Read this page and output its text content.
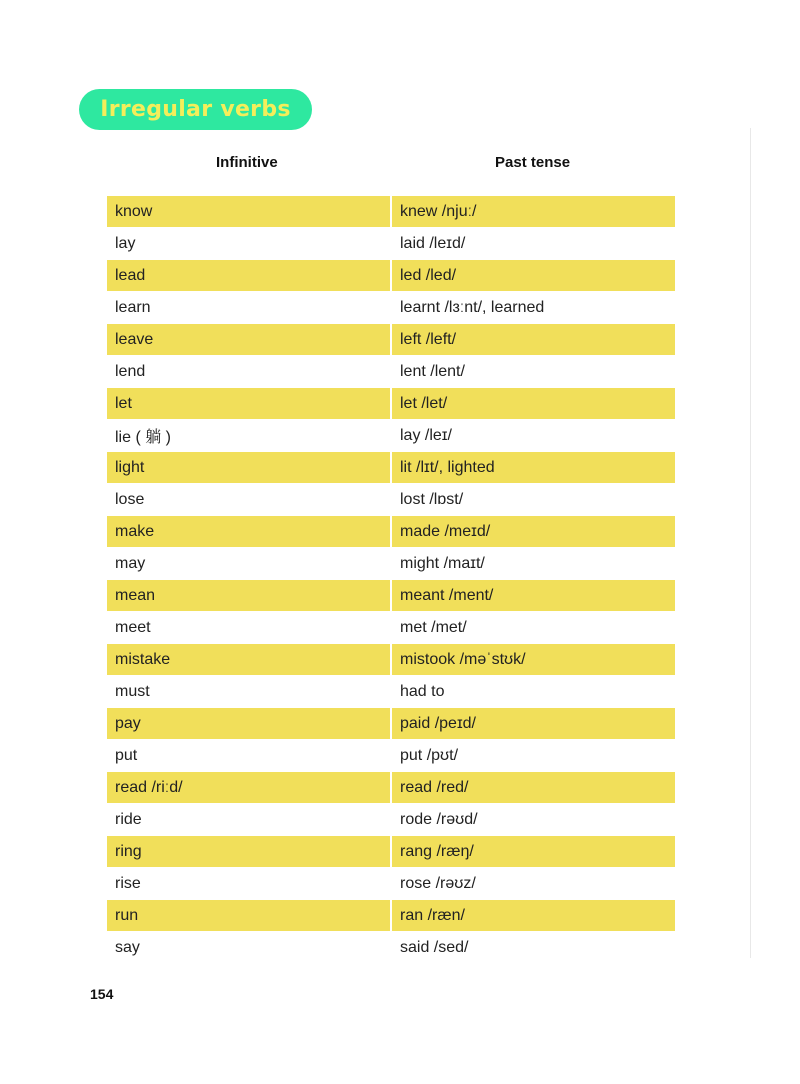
Irregular verbs
Infinitive	Past tense
know	knew /njuː/
lay	laid /leɪd/
lead	led /led/
learn	learnt /lɜːnt/, learned
leave	left /left/
lend	lent /lent/
let	let /let/
lie ( 躺 )	lay /leɪ/
light	lit /lɪt/, lighted
lose	lost /lɒst/
make	made /meɪd/
may	might /maɪt/
mean	meant /ment/
meet	met /met/
mistake	mistook /məˈstʊk/
must	had to
pay	paid /peɪd/
put	put /pʊt/
read /riːd/	read /red/
ride	rode /rəʊd/
ring	rang /ræŋ/
rise	rose /rəʊz/
run	ran /ræn/
say	said /sed/
154
